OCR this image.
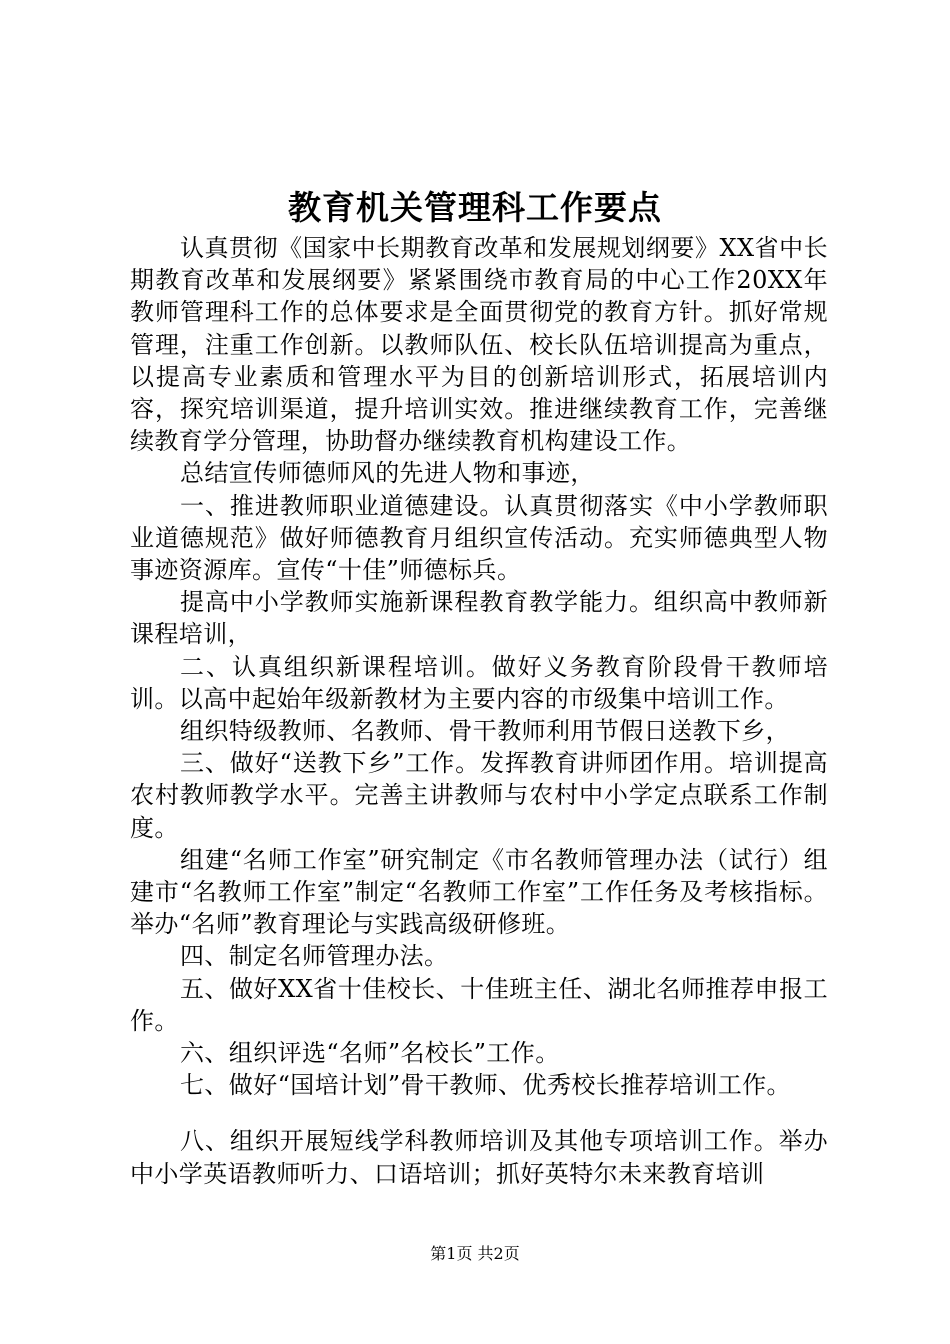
教育机关管理科工作要点

认真贯彻《国家中长期教育改革和发展规划纲要》XX省中长期教育改革和发展纲要》紧紧围绕市教育局的中心工作20XX年教师管理科工作的总体要求是全面贯彻党的教育方针。抓好常规管理，注重工作创新。以教师队伍、校长队伍培训提高为重点，以提高专业素质和管理水平为目的创新培训形式，拓展培训内容，探究培训渠道，提升培训实效。推进继续教育工作，完善继续教育学分管理，协助督办继续教育机构建设工作。

总结宣传师德师风的先进人物和事迹，

一、推进教师职业道德建设。认真贯彻落实《中小学教师职业道德规范》做好师德教育月组织宣传活动。充实师德典型人物事迹资源库。宣传“十佳”师德标兵。

提高中小学教师实施新课程教育教学能力。组织高中教师新课程培训，

二、认真组织新课程培训。做好义务教育阶段骨干教师培训。以高中起始年级新教材为主要内容的市级集中培训工作。

组织特级教师、名教师、骨干教师利用节假日送教下乡，

三、做好“送教下乡”工作。发挥教育讲师团作用。培训提高农村教师教学水平。完善主讲教师与农村中小学定点联系工作制度。

组建“名师工作室”研究制定《市名教师管理办法（试行）组建市“名教师工作室”制定“名教师工作室”工作任务及考核指标。举办“名师”教育理论与实践高级研修班。

四、制定名师管理办法。

五、做好XX省十佳校长、十佳班主任、湖北名师推荐申报工作。

六、组织评选“名师”名校长”工作。

七、做好“国培计划”骨干教师、优秀校长推荐培训工作。

八、组织开展短线学科教师培训及其他专项培训工作。举办中小学英语教师听力、口语培训；抓好英特尔未来教育培训

第1页 共2页
